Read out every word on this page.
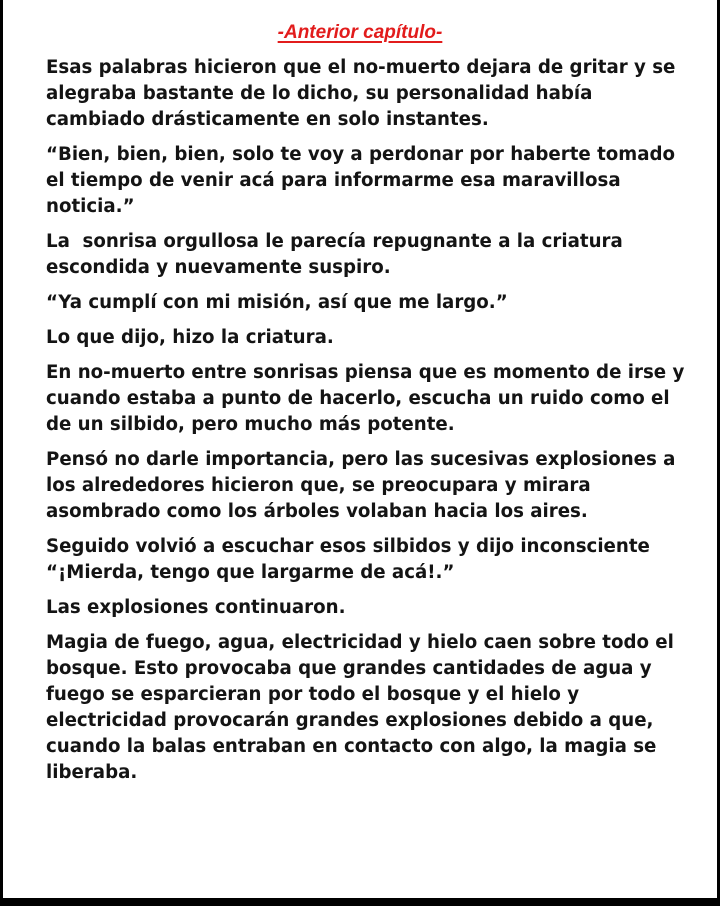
-Anterior capítulo-

Esas palabras hicieron que el no-muerto dejara de gritar y se alegraba bastante de lo dicho, su personalidad había cambiado drásticamente en solo instantes.

“Bien, bien, bien, solo te voy a perdonar por haberte tomado el tiempo de venir acá para informarme esa maravillosa noticia.”

La  sonrisa orgullosa le parecía repugnante a la criatura escondida y nuevamente suspiro.

“Ya cumplí con mi misión, así que me largo.”

Lo que dijo, hizo la criatura.

En no-muerto entre sonrisas piensa que es momento de irse y cuando estaba a punto de hacerlo, escucha un ruido como el de un silbido, pero mucho más potente.

Pensó no darle importancia, pero las sucesivas explosiones a los alrededores hicieron que, se preocupara y mirara asombrado como los árboles volaban hacia los aires.

Seguido volvió a escuchar esos silbidos y dijo inconsciente “¡Mierda, tengo que largarme de acá!.”

Las explosiones continuaron.

Magia de fuego, agua, electricidad y hielo caen sobre todo el bosque. Esto provocaba que grandes cantidades de agua y fuego se esparcieran por todo el bosque y el hielo y electricidad provocarán grandes explosiones debido a que, cuando la balas entraban en contacto con algo, la magia se liberaba.
